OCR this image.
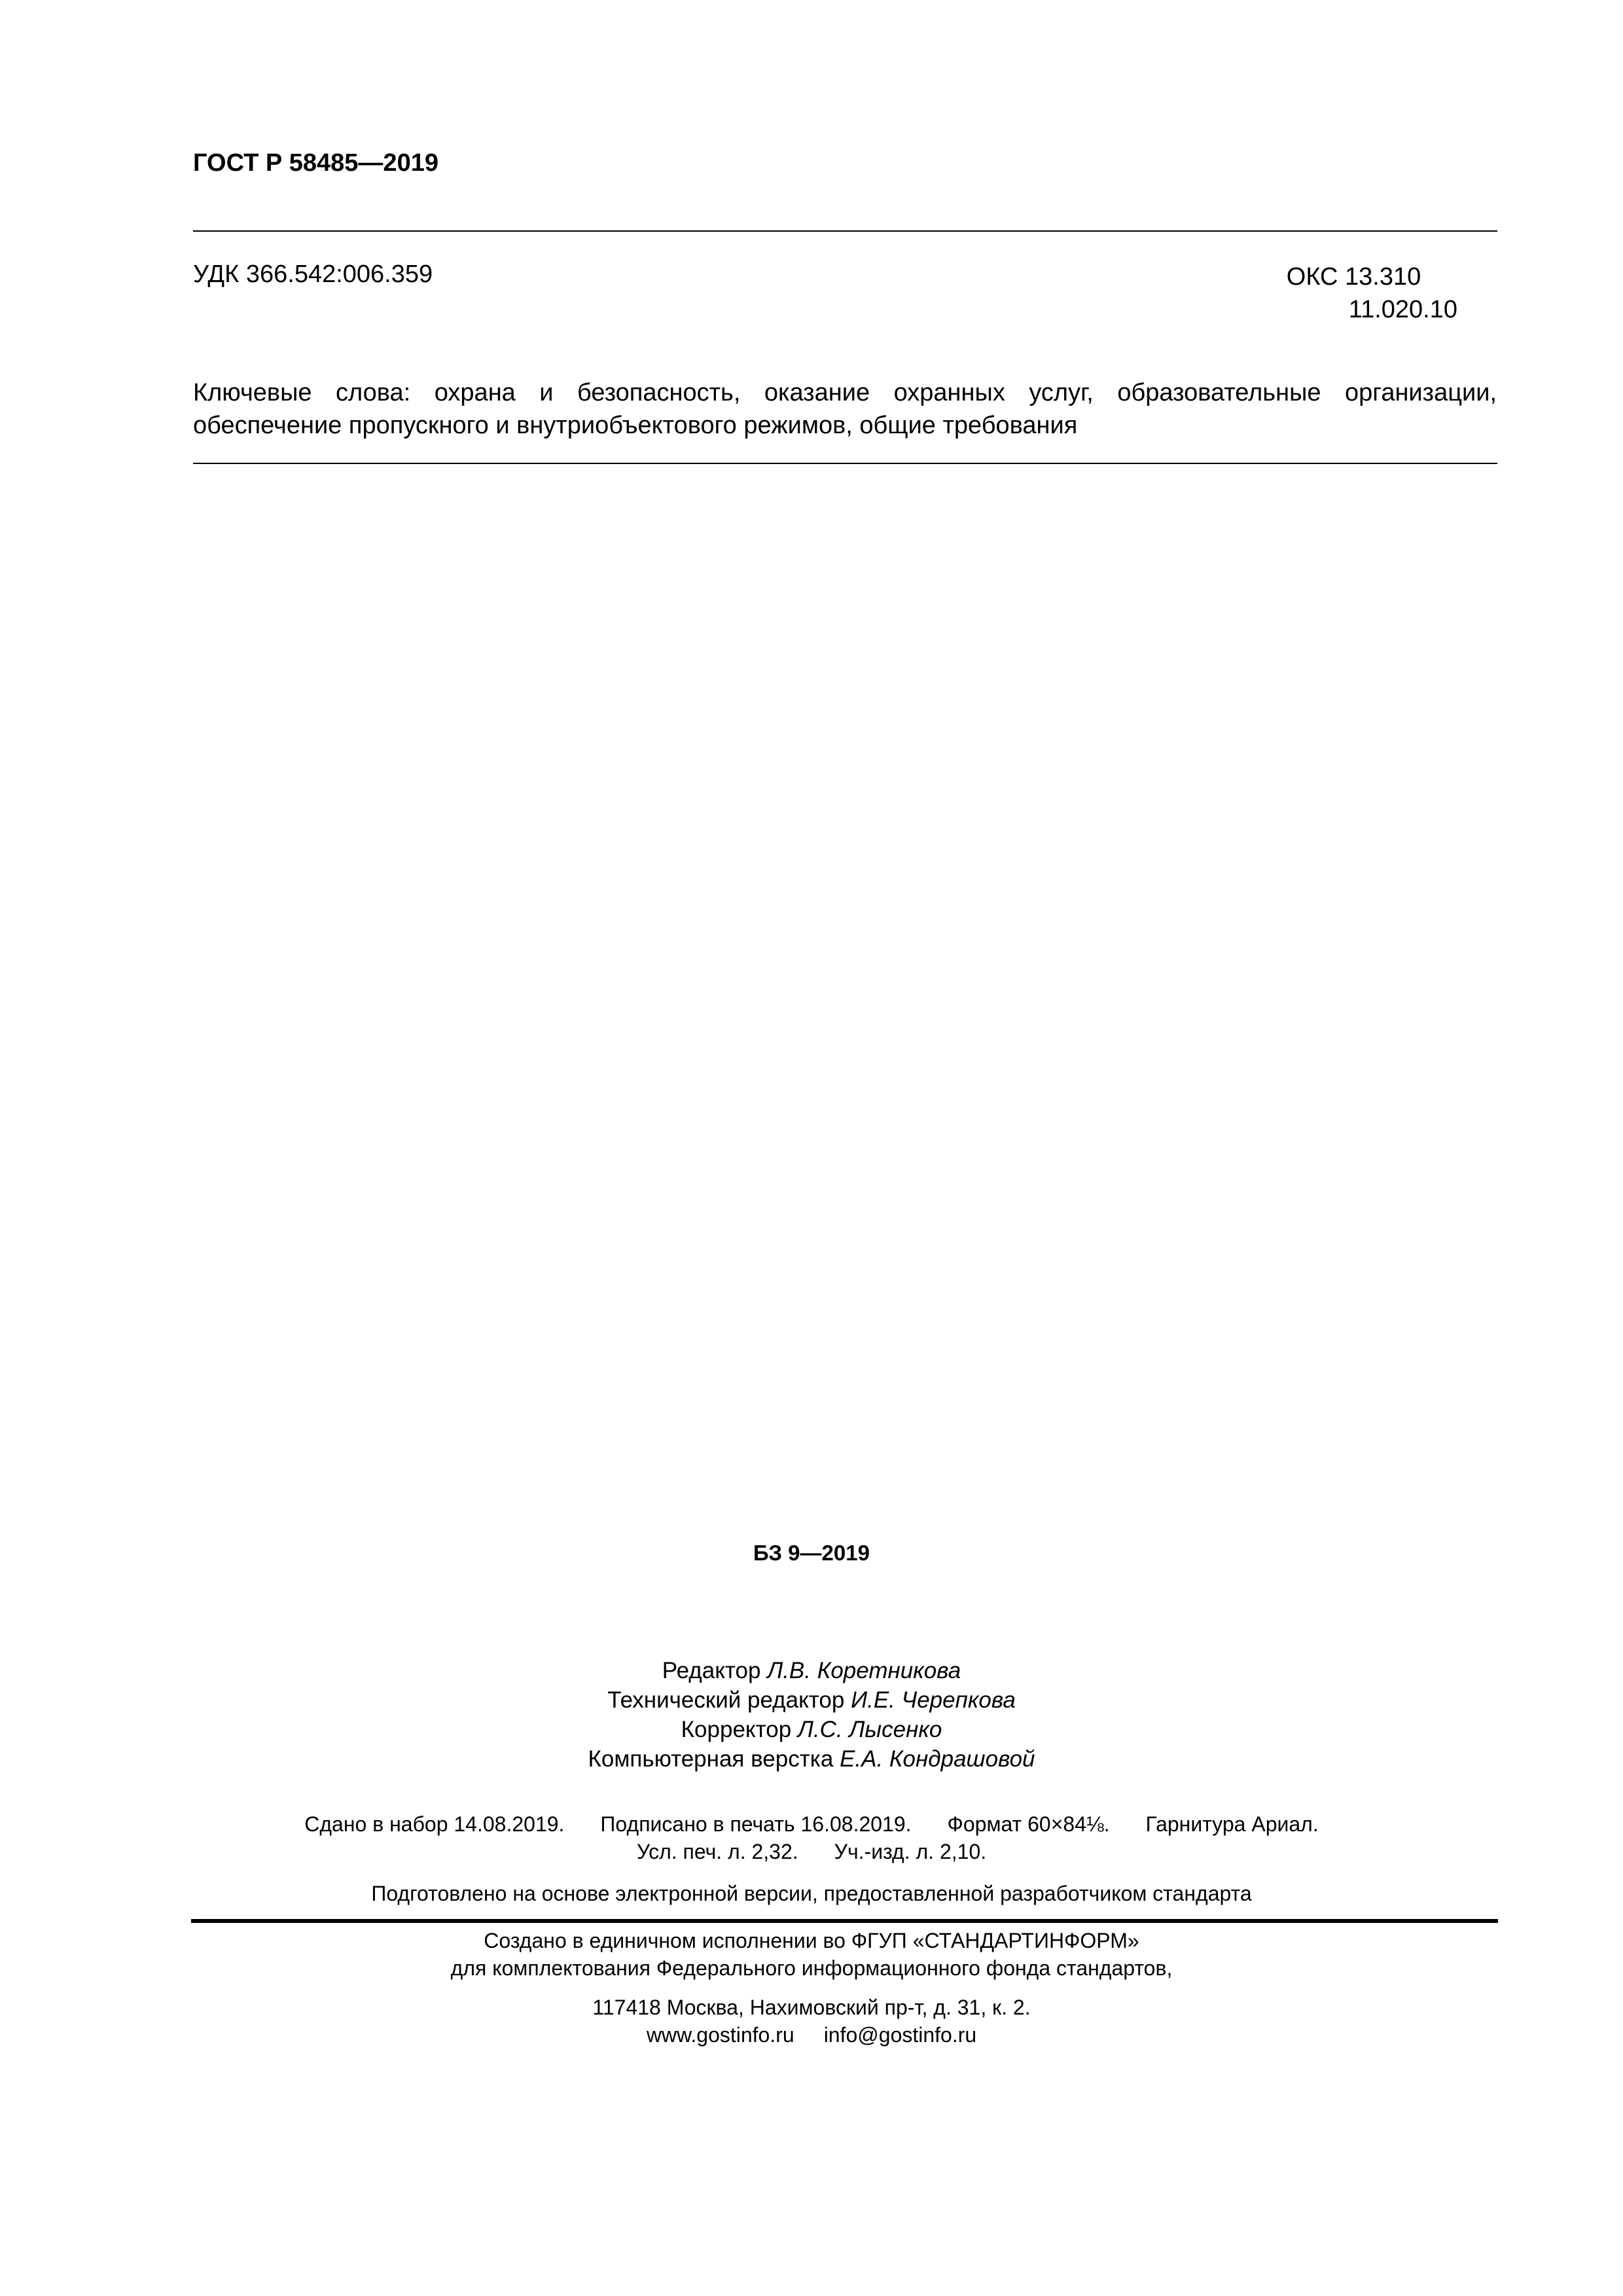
ГОСТ Р 58485—2019
УДК 366.542:006.359	ОКС 13.310
11.020.10
Ключевые слова: охрана и безопасность, оказание охранных услуг, образовательные организации, обеспечение пропускного и внутриобъектового режимов, общие требования
БЗ 9—2019
Редактор Л.В. Коретникова
Технический редактор И.Е. Черепкова
Корректор Л.С. Лысенко
Компьютерная верстка Е.А. Кондрашовой
Сдано в набор 14.08.2019. Подписано в печать 16.08.2019. Формат 60×84⅛. Гарнитура Ариал.
Усл. печ. л. 2,32. Уч.-изд. л. 2,10.
Подготовлено на основе электронной версии, предоставленной разработчиком стандарта
Создано в единичном исполнении во ФГУП «СТАНДАРТИНФОРМ»
для комплектования Федерального информационного фонда стандартов,
117418 Москва, Нахимовский пр-т, д. 31, к. 2.
www.gostinfo.ru info@gostinfo.ru
